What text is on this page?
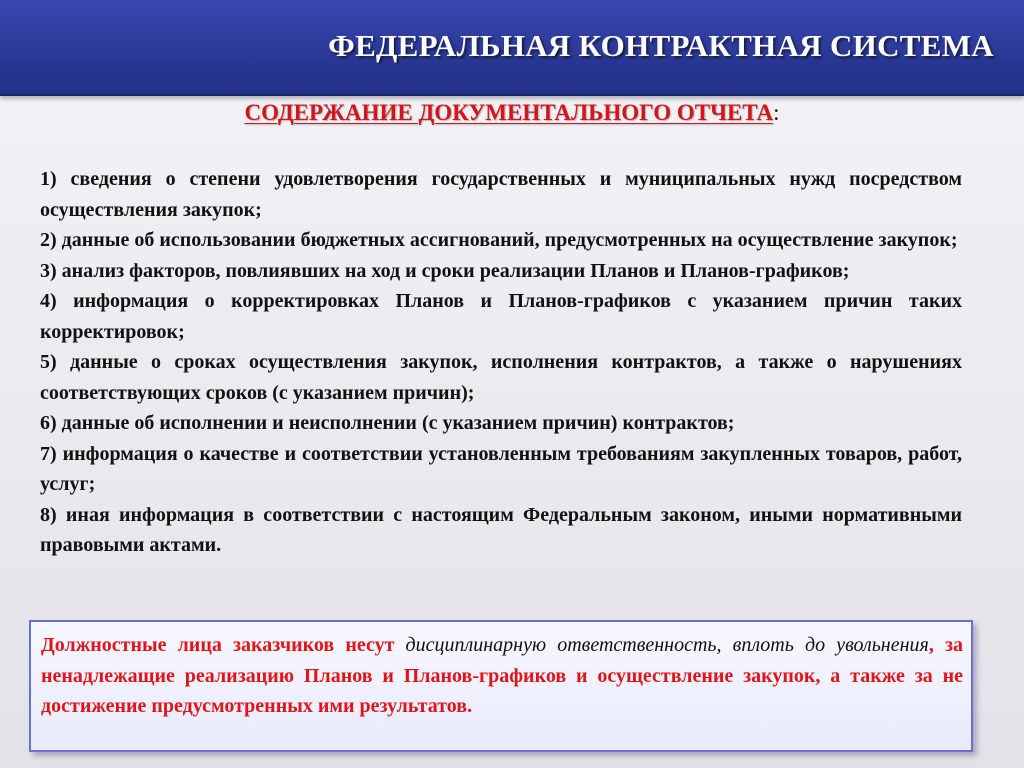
ФЕДЕРАЛЬНАЯ КОНТРАКТНАЯ СИСТЕМА
СОДЕРЖАНИЕ ДОКУМЕНТАЛЬНОГО ОТЧЕТА:
1) сведения о степени удовлетворения государственных и муниципальных нужд посредством осуществления закупок;
2) данные об использовании бюджетных ассигнований, предусмотренных на осуществление закупок;
3) анализ факторов, повлиявших на ход и сроки реализации Планов и Планов-графиков;
4) информация о корректировках Планов и Планов-графиков с указанием причин таких корректировок;
5) данные о сроках осуществления закупок, исполнения контрактов, а также о нарушениях соответствующих сроков (с указанием причин);
6) данные об исполнении и неисполнении (с указанием причин) контрактов;
7) информация о качестве и соответствии установленным требованиям закупленных товаров, работ, услуг;
8) иная информация в соответствии с настоящим Федеральным законом, иными нормативными правовыми актами.

Должностные лица заказчиков несут дисциплинарную ответственность, вплоть до увольнения, за ненадлежащие реализацию Планов и Планов-графиков и осуществление закупок, а также за не достижение предусмотренных ими результатов.
